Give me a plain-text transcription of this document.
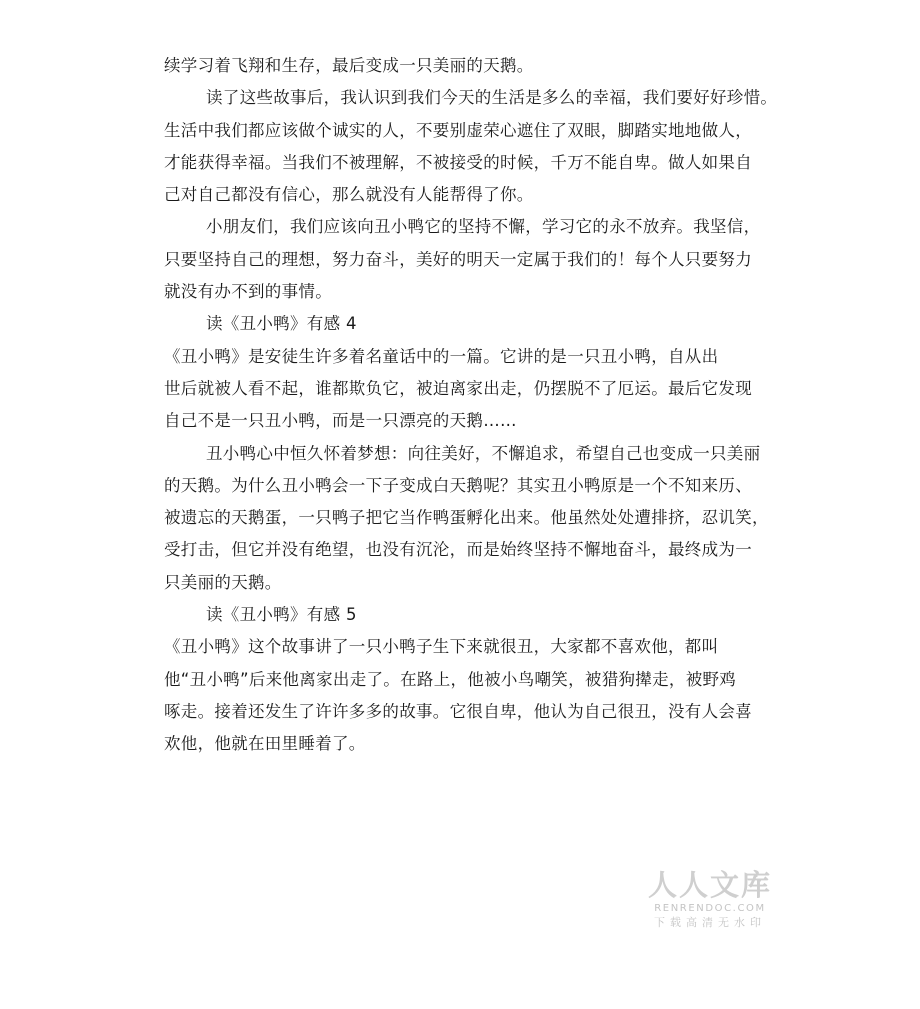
续学习着飞翔和生存，最后变成一只美丽的天鹅。
读了这些故事后，我认识到我们今天的生活是多么的幸福，我们要好好珍惜。
生活中我们都应该做个诚实的人，不要别虚荣心遮住了双眼，脚踏实地地做人，
才能获得幸福。当我们不被理解，不被接受的时候，千万不能自卑。做人如果自
己对自己都没有信心，那么就没有人能帮得了你。
小朋友们，我们应该向丑小鸭它的坚持不懈，学习它的永不放弃。我坚信，
只要坚持自己的理想，努力奋斗，美好的明天一定属于我们的！每个人只要努力
就没有办不到的事情。
读《丑小鸭》有感 4
《丑小鸭》是安徒生许多着名童话中的一篇。它讲的是一只丑小鸭，自从出
世后就被人看不起，谁都欺负它，被迫离家出走，仍摆脱不了厄运。最后它发现
自己不是一只丑小鸭，而是一只漂亮的天鹅……
丑小鸭心中恒久怀着梦想：向往美好，不懈追求，希望自己也变成一只美丽
的天鹅。为什么丑小鸭会一下子变成白天鹅呢？其实丑小鸭原是一个不知来历、
被遗忘的天鹅蛋，一只鸭子把它当作鸭蛋孵化出来。他虽然处处遭排挤，忍讥笑，
受打击，但它并没有绝望，也没有沉沦，而是始终坚持不懈地奋斗，最终成为一
只美丽的天鹅。
读《丑小鸭》有感 5
《丑小鸭》这个故事讲了一只小鸭子生下来就很丑，大家都不喜欢他，都叫
他“丑小鸭”后来他离家出走了。在路上，他被小鸟嘲笑，被猎狗撵走，被野鸡
啄走。接着还发生了许许多多的故事。它很自卑，他认为自己很丑，没有人会喜
欢他，他就在田里睡着了。
人人文库
RENRENDOC.COM
下载高清无水印
